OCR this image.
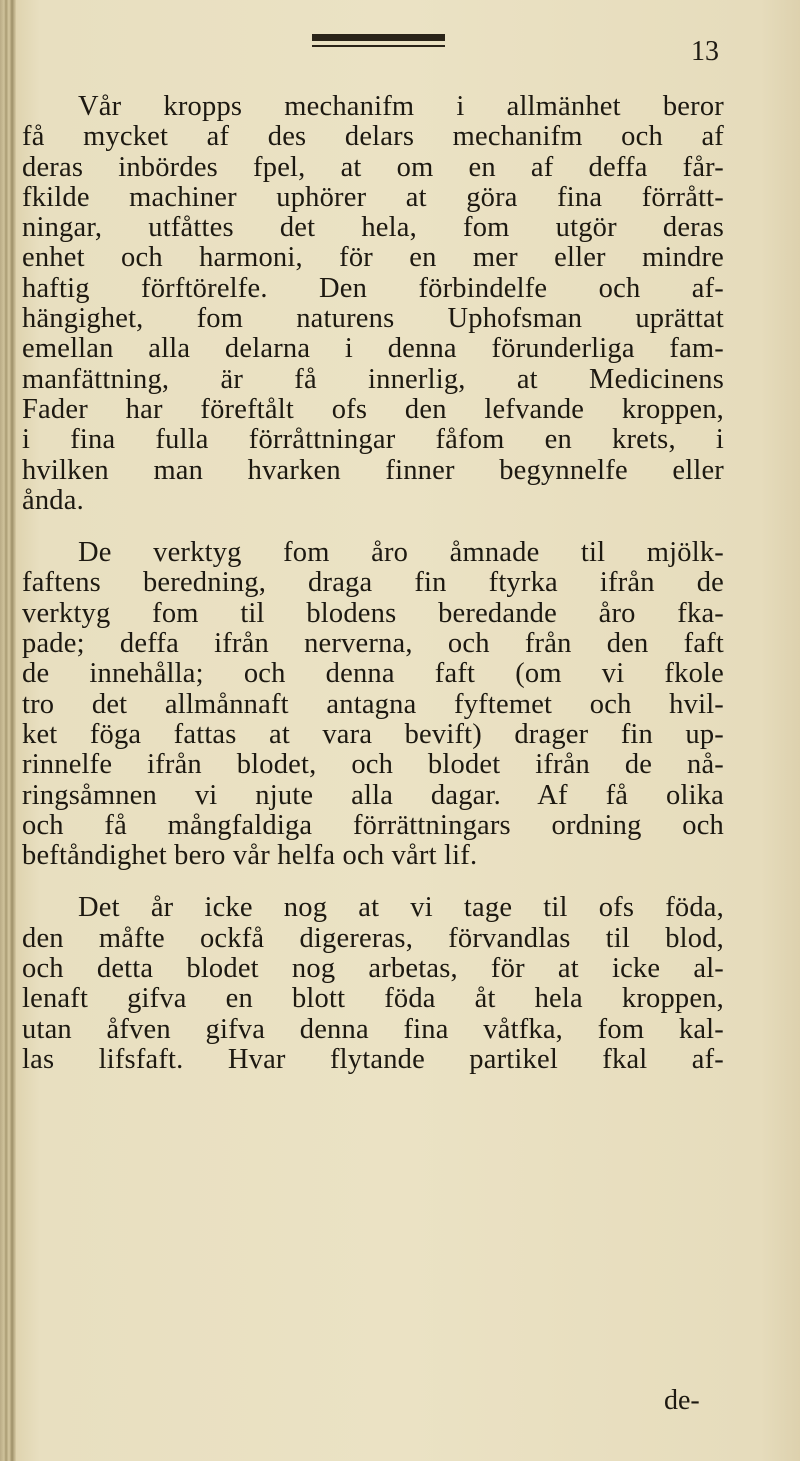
13
Vår kropps mechanifm i allmänhet beror
få mycket af des delars mechanifm och af
deras inbördes fpel, at om en af deffa får-
fkilde machiner uphörer at göra fina förrått-
ningar, utfåttes det hela, fom utgör deras
enhet och harmoni, för en mer eller mindre
haftig förftörelfe. Den förbindelfe och af-
hängighet, fom naturens Uphofsman uprättat
emellan alla delarna i denna förunderliga fam-
manfättning, är få innerlig, at Medicinens
Fader har föreftålt ofs den lefvande kroppen,
i fina fulla förråttningar fåfom en krets, i
hvilken man hvarken finner begynnelfe eller
ånda.
De verktyg fom åro åmnade til mjölk-
faftens beredning, draga fin ftyrka ifrån de
verktyg fom til blodens beredande åro fka-
pade; deffa ifrån nerverna, och från den faft
de innehålla; och denna faft (om vi fkole
tro det allmånnaft antagna fyftemet och hvil-
ket föga fattas at vara bevift) drager fin up-
rinnelfe ifrån blodet, och blodet ifrån de nå-
ringsåmnen vi njute alla dagar. Af få olika
och få mångfaldiga förrättningars ordning och
beftåndighet bero vår helfa och vårt lif.
Det år icke nog at vi tage til ofs föda,
den måfte ockfå digereras, förvandlas til blod,
och detta blodet nog arbetas, för at icke al-
lenaft gifva en blott föda åt hela kroppen,
utan åfven gifva denna fina våtfka, fom kal-
las lifsfaft. Hvar flytande partikel fkal af-
de-
